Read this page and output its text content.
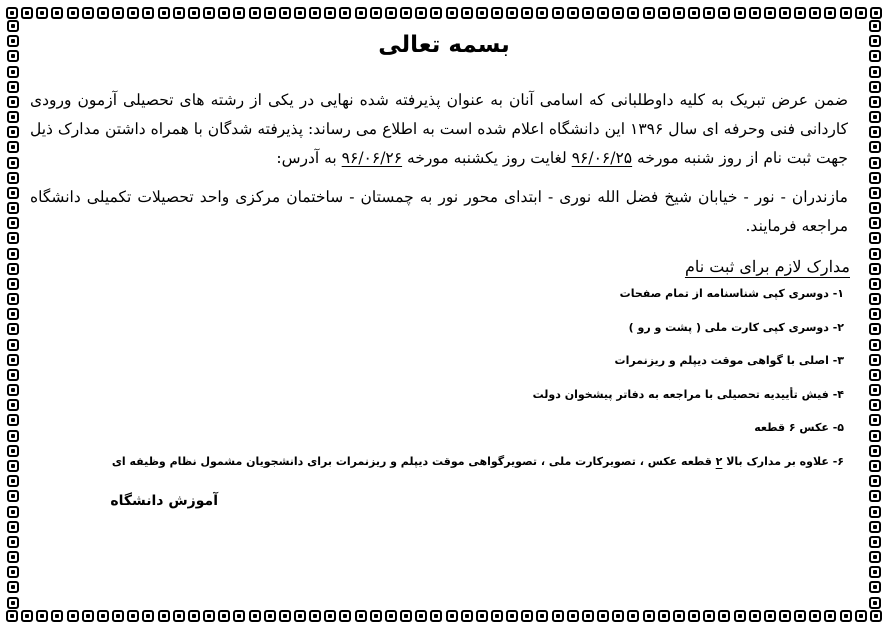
بسمه تعالی

ضمن عرض تبریک به کلیه داوطلبانی که اسامی آنان به عنوان پذیرفته شده نهایی در یکی از رشته های تحصیلی آزمون ورودی کاردانی فنی وحرفه ای سال ۱۳۹۶ این دانشگاه اعلام شده است به اطلاع می رساند: پذیرفته شدگان با همراه داشتن مدارک ذیل جهت ثبت نام از روز شنبه مورخه ۹۶/۰۶/۲۵ لغایت روز یکشنبه مورخه ۹۶/۰۶/۲۶ به آدرس:

مازندران - نور - خیابان شیخ فضل الله نوری - ابتدای محور نور به چمستان - ساختمان مرکزی واحد تحصیلات تکمیلی دانشگاه مراجعه فرمایند.

مدارک لازم برای ثبت نام
۱- دوسری کپی شناسنامه از تمام صفحات
۲- دوسری کپی کارت ملی ( پشت و رو )
۳- اصلی با گواهی موقت دیپلم و ریزنمرات
۴- فیش تأییدیه تحصیلی با مراجعه به دفاتر پیشخوان دولت
۵- عکس ۶ قطعه
۶- علاوه بر مدارک بالا ۲ قطعه عکس ، تصویرکارت ملی ، تصویرگواهی موقت دیپلم و ریزنمرات برای دانشجویان مشمول نظام وظیفه ای
آموزش دانشگاه
